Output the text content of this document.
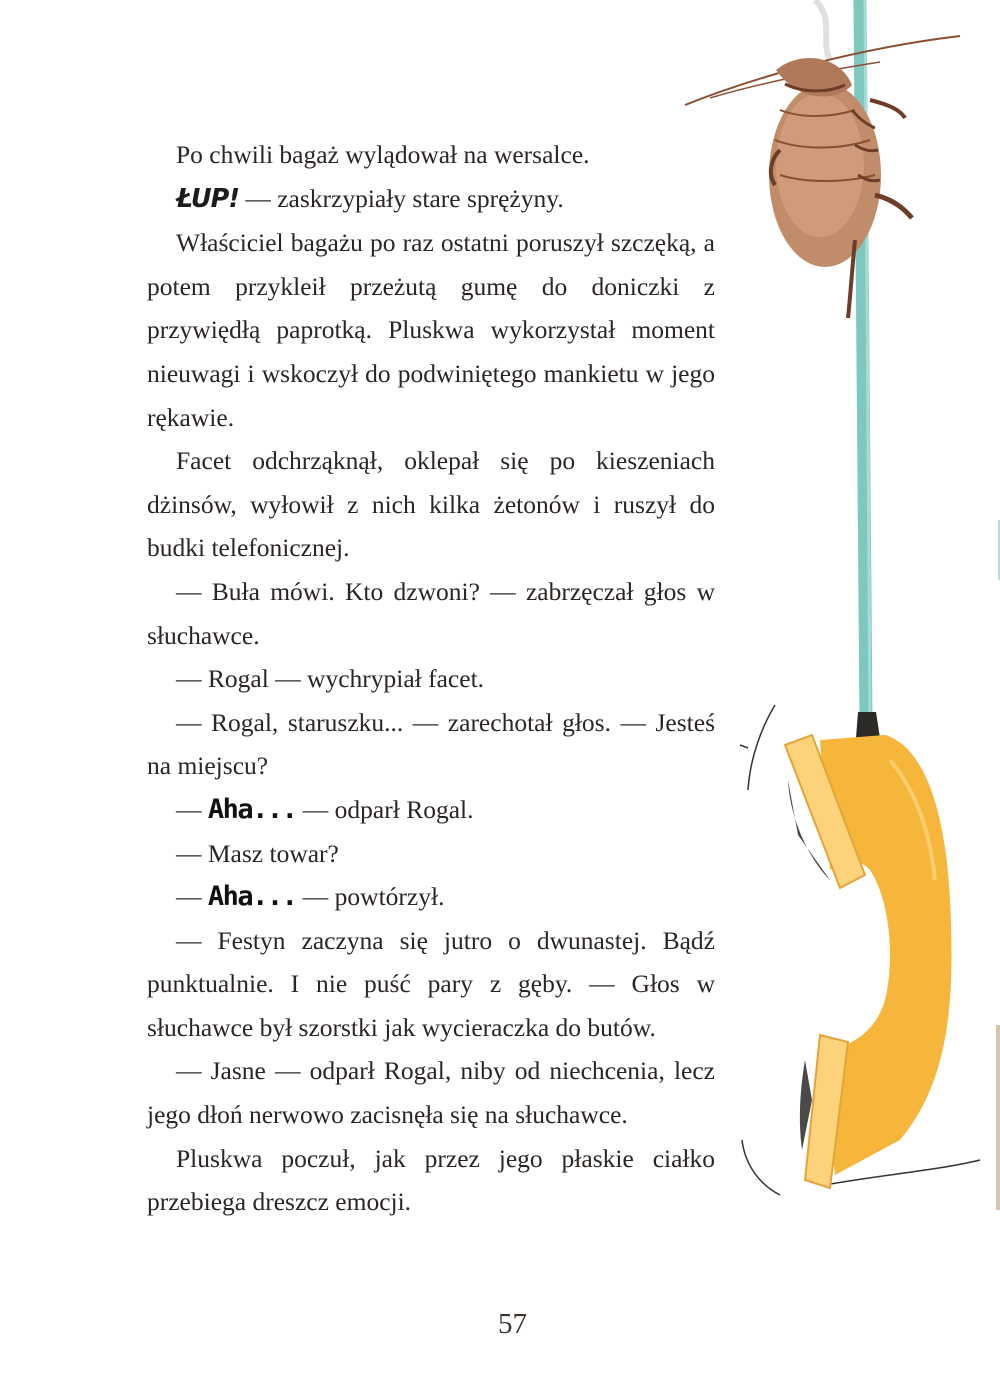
Po chwili bagaż wylądował na wersalce.

ŁUP! — zaskrzypiały stare sprężyny.

Właściciel bagażu po raz ostatni poruszył szczęką, a potem przykleił przeżutą gumę do doniczki z przywiędłą paprotką. Pluskwa wykorzystał moment nieuwagi i wskoczył do podwiniętego mankietu w jego rękawie.

Facet odchrząknął, oklepał się po kieszeniach dżinsów, wyłowił z nich kilka żetonów i ruszył do budki telefonicznej.

— Buła mówi. Kto dzwoni? — zabrzęczał głos w słuchawce.

— Rogal — wychrypiał facet.

— Rogal, staruszku... — zarechotał głos. — Jesteś na miejscu?

— Aha... — odparł Rogal.

— Masz towar?

— Aha... — powtórzył.

— Festyn zaczyna się jutro o dwunastej. Bądź punktualnie. I nie puść pary z gęby. — Głos w słuchawce był szorstki jak wycieraczka do butów.

— Jasne — odparł Rogal, niby od niechcenia, lecz jego dłoń nerwowo zacisnęła się na słuchawce.

Pluskwa poczuł, jak przez jego płaskie ciałko przebiega dreszcz emocji.

57
